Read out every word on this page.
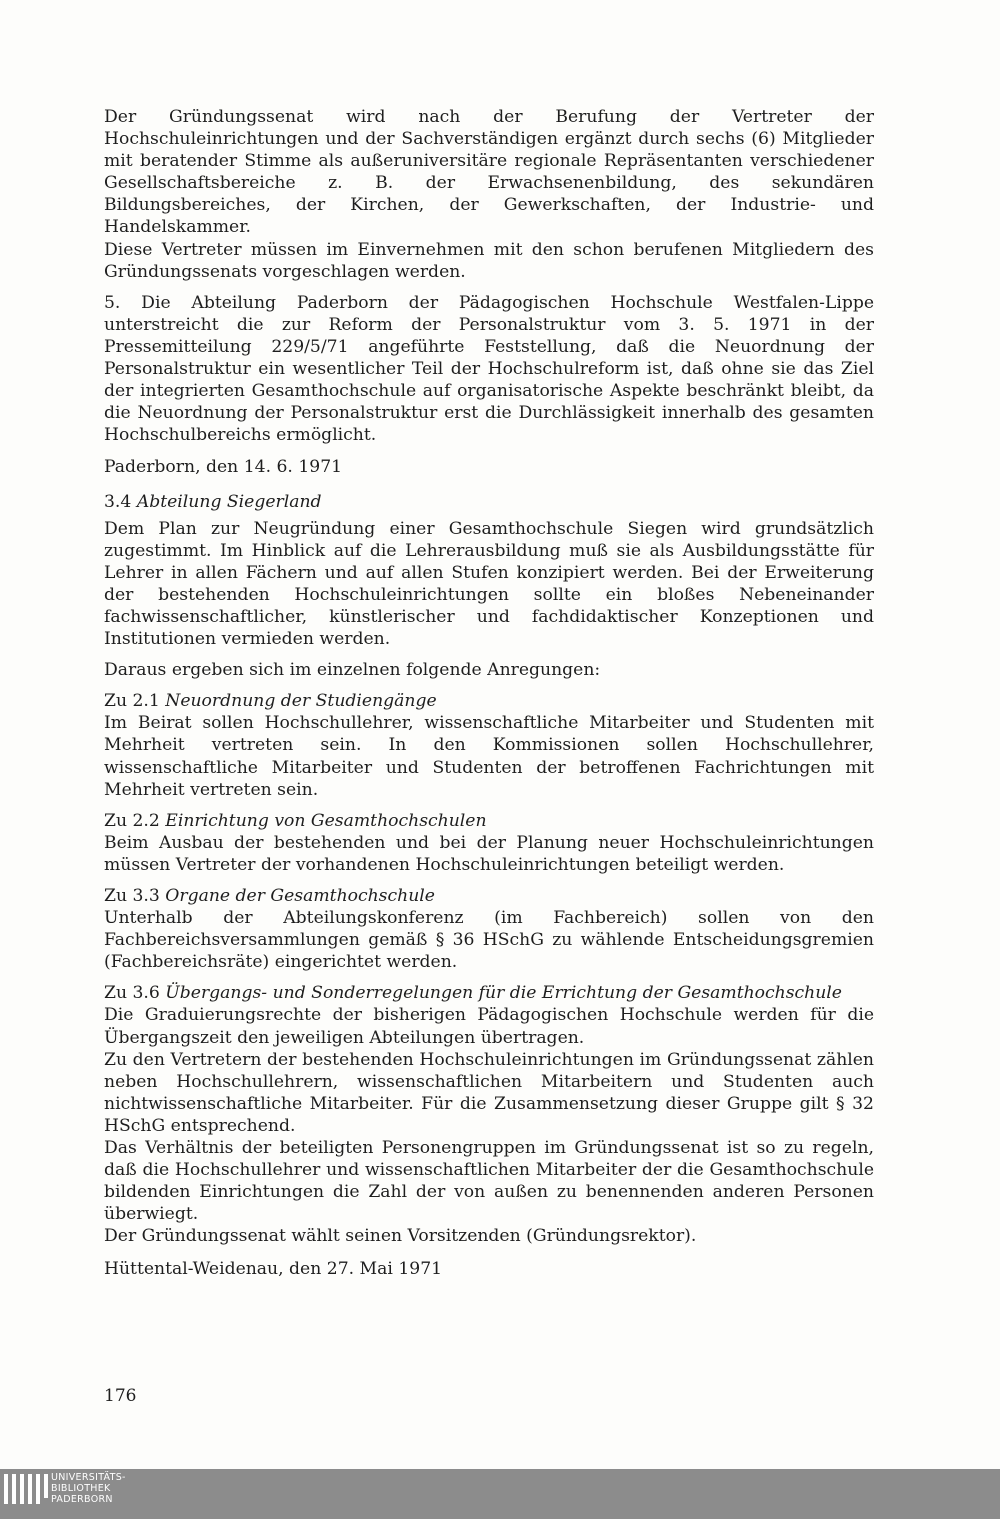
Der Gründungssenat wird nach der Berufung der Vertreter der Hochschuleinrichtungen und der Sachverständigen ergänzt durch sechs (6) Mitglieder mit beratender Stimme als außeruniversitäre regionale Repräsentanten verschiedener Gesellschaftsbereiche z. B. der Erwachsenenbildung, des sekundären Bildungsbereiches, der Kirchen, der Gewerkschaften, der Industrie- und Handelskammer.

Diese Vertreter müssen im Einvernehmen mit den schon berufenen Mitgliedern des Gründungssenats vorgeschlagen werden.

5. Die Abteilung Paderborn der Pädagogischen Hochschule Westfalen-Lippe unterstreicht die zur Reform der Personalstruktur vom 3. 5. 1971 in der Pressemitteilung 229/5/71 angeführte Feststellung, daß die Neuordnung der Personalstruktur ein wesentlicher Teil der Hochschulreform ist, daß ohne sie das Ziel der integrierten Gesamthochschule auf organisatorische Aspekte beschränkt bleibt, da die Neuordnung der Personalstruktur erst die Durchlässigkeit innerhalb des gesamten Hochschulbereichs ermöglicht.

Paderborn, den 14. 6. 1971

3.4 Abteilung Siegerland

Dem Plan zur Neugründung einer Gesamthochschule Siegen wird grundsätzlich zugestimmt. Im Hinblick auf die Lehrerausbildung muß sie als Ausbildungsstätte für Lehrer in allen Fächern und auf allen Stufen konzipiert werden. Bei der Erweiterung der bestehenden Hochschuleinrichtungen sollte ein bloßes Nebeneinander fachwissenschaftlicher, künstlerischer und fachdidaktischer Konzeptionen und Institutionen vermieden werden.

Daraus ergeben sich im einzelnen folgende Anregungen:

Zu 2.1 Neuordnung der Studiengänge

Im Beirat sollen Hochschullehrer, wissenschaftliche Mitarbeiter und Studenten mit Mehrheit vertreten sein. In den Kommissionen sollen Hochschullehrer, wissenschaftliche Mitarbeiter und Studenten der betroffenen Fachrichtungen mit Mehrheit vertreten sein.

Zu 2.2 Einrichtung von Gesamthochschulen

Beim Ausbau der bestehenden und bei der Planung neuer Hochschuleinrichtungen müssen Vertreter der vorhandenen Hochschuleinrichtungen beteiligt werden.

Zu 3.3 Organe der Gesamthochschule

Unterhalb der Abteilungskonferenz (im Fachbereich) sollen von den Fachbereichsversammlungen gemäß § 36 HSchG zu wählende Entscheidungsgremien (Fachbereichsräte) eingerichtet werden.

Zu 3.6 Übergangs- und Sonderregelungen für die Errichtung der Gesamthochschule

Die Graduierungsrechte der bisherigen Pädagogischen Hochschule werden für die Übergangszeit den jeweiligen Abteilungen übertragen.

Zu den Vertretern der bestehenden Hochschuleinrichtungen im Gründungssenat zählen neben Hochschullehrern, wissenschaftlichen Mitarbeitern und Studenten auch nichtwissenschaftliche Mitarbeiter. Für die Zusammensetzung dieser Gruppe gilt § 32 HSchG entsprechend.

Das Verhältnis der beteiligten Personengruppen im Gründungssenat ist so zu regeln, daß die Hochschullehrer und wissenschaftlichen Mitarbeiter der die Gesamthochschule bildenden Einrichtungen die Zahl der von außen zu benennenden anderen Personen überwiegt.

Der Gründungssenat wählt seinen Vorsitzenden (Gründungsrektor).

Hüttental-Weidenau, den 27. Mai 1971

176
UNIVERSITÄTS-
BIBLIOTHEK
PADERBORN
